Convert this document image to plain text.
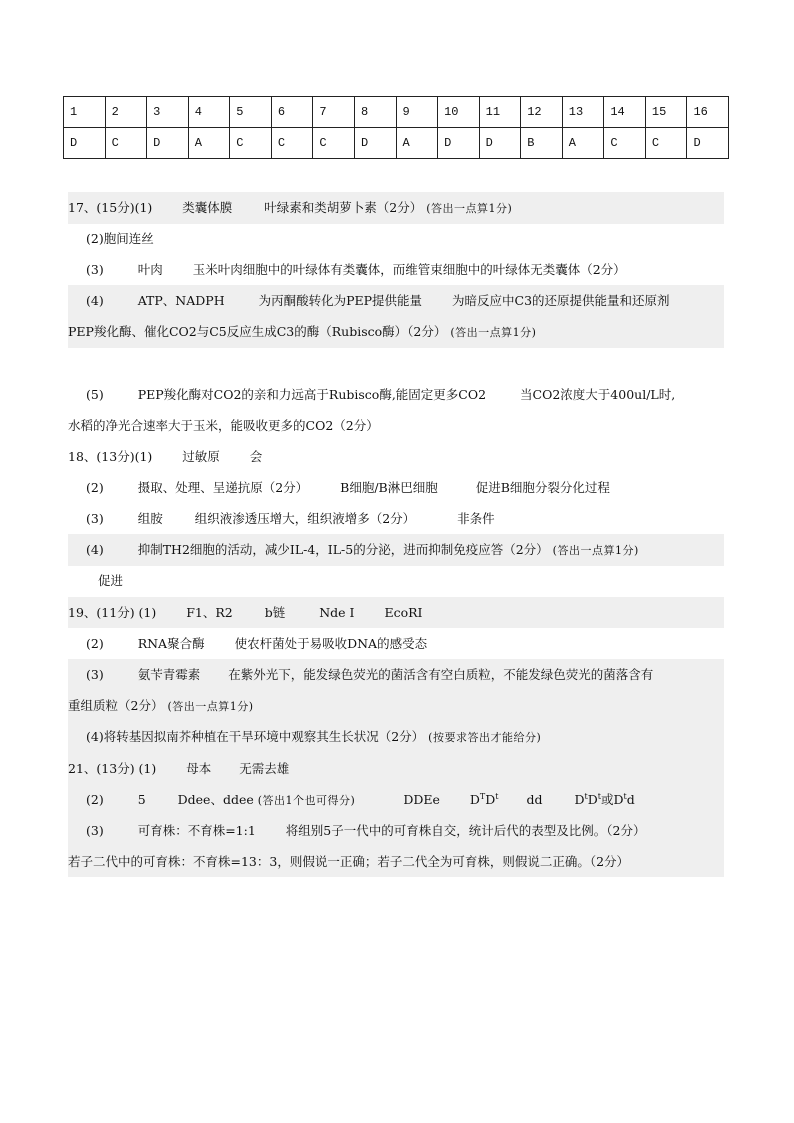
1	2	3	4	5	6	7	8	9	10	11	12	13	14	15	16
D	C	D	A	C	C	C	D	A	D	D	B	A	C	C	D
17、(15分)(1) 类囊体膜	叶绿素和类胡萝卜素（2分） (答出一点算1分)
(2)胞间连丝
(3)	叶肉 玉米叶肉细胞中的叶绿体有类囊体，而维管束细胞中的叶绿体无类囊体（2分）
(4)	ATP、NADPH	为丙酮酸转化为PEP提供能量 为暗反应中C3的还原提供能量和还原剂
PEP羧化酶、催化CO2与C5反应生成C3的酶（Rubisco酶）（2分） (答出一点算1分)
(5)	PEP羧化酶对CO2的亲和力远高于Rubisco酶,能固定更多CO2	当CO2浓度大于400ul/L时,
水稻的净光合速率大于玉米，能吸收更多的CO2（2分）
18、(13分)(1) 过敏原 会
(2)	摄取、处理、呈递抗原（2分）	B细胞/B淋巴细胞	促进B细胞分裂分化过程
(3)	组胺	组织液渗透压增大，组织液增多（2分）	非条件
(4)	抑制TH2细胞的活动，减少IL-4，IL-5的分泌，进而抑制免疫应答（2分） (答出一点算1分)
促进
19、(11分) (1) F1、R2	b链	Nde I EcoRⅠ
(2)	RNA聚合酶 使农杆菌处于易吸收DNA的感受态
(3)	氨苄青霉素 在紫外光下，能发绿色荧光的菌活含有空白质粒，不能发绿色荧光的菌落含有
重组质粒（2分） (答出一点算1分)
(4)将转基因拟南芥种植在干旱环境中观察其生长状况（2分） (按要求答出才能给分)
21、(13分) (1) 母本 无需去雄
(2)	5	Ddee、ddee (答出1个也可得分)	DDEe $D^TD^t$ dd	$D^tD^t$或$D^td$
(3)	可育株：不育株=1:1 将组别5子一代中的可育株自交，统计后代的表型及比例。（2分）
若子二代中的可育株：不育株=13：3，则假说一正确；若子二代全为可育株，则假说二正确。（2分）
